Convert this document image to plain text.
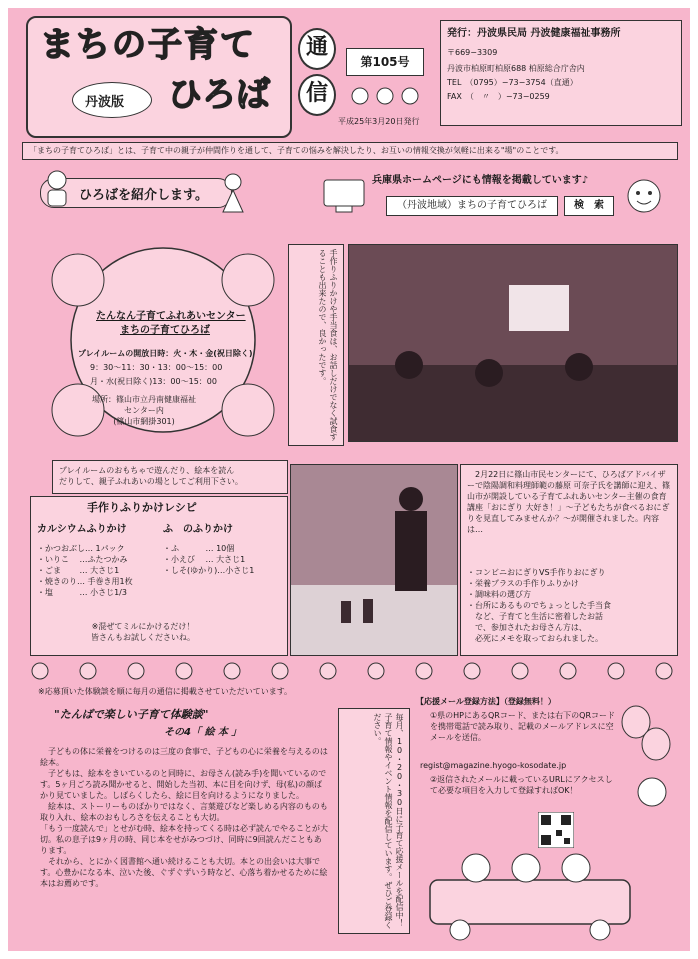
まちの子育て
丹波版 ひろば
通
信
第105号
平成25年3月20日発行
発行：丹波県民局 丹波健康福祉事務所
〒669−3309
丹波市柏原町柏原688 柏原総合庁舎内
TEL　（0795）−73−3754（直通）
FAX　（　〃　）−73−0259
「まちの子育てひろば」とは、子育て中の親子が仲間作りを通して、子育ての悩みを解決したり、お互いの情報交換が気軽に出来る"場"のことです。
ひろばを紹介します。
兵庫県ホームページにも情報を掲載しています♪
（丹波地域）まちの子育てひろば	検　索
たんなん子育てふれあいセンター
まちの子育てひろば
プレイルームの開放日時：火・木・金(祝日除く)
9：30〜11：30・13：00〜15：00
月・水(祝日除く)13：00〜15：00
場所：篠山市立丹南健康福祉
センター内
(篠山市網掛301)	手作りふりかけや手当食は、お話しだけでなく試食することも出来たので、良かったです。
プレイルームのおもちゃで遊んだり、絵本を読ん
だりして、親子ふれあいの場としてご利用下さい。
手作りふりかけレシピ
カルシウムふりかけ	ふ　のふりかけ
・かつおぶし… 1パック
・いりこ　 …ふたつかみ
・ごま　　 … 大さじ1
・焼きのり… 手巻き用1枚
・塩　　　 … 小さじ1/3
・ふ　　　 … 10個
・小えび　 … 大さじ1
・しそ(ゆかり)…小さじ1
※混ぜてミルにかけるだけ！
皆さんもお試しくださいね。
　2月22日に篠山市民センターにて、ひろばアドバイザーで陰陽調和料理師範の藤原 可奈子氏を講師に迎え、篠山市が開設している子育てふれあいセンター主催の食育講座「おにぎり 大好き！」〜子どもたちが食べるおにぎりを見直してみませんか？〜が開催されました。内容は…
・コンビニおにぎりVS手作りおにぎり
・栄養プラスの手作りふりかけ
・調味料の選び方
・台所にあるものでちょっとした手当食
　など、子育てと生活に密着したお話
　で、参加されたお母さん方は、
　必死にメモを取っておられました。
※応募頂いた体験談を順に毎月の通信に掲載させていただいています。
"たんばで楽しい子育て体験談"
その4「 絵 本 」
　子どもの体に栄養をつけるのは三度の食事で、子どもの心に栄養を与えるのは絵本。
　子どもは、絵本をきいているのと同時に、お母さん(読み手)を聞いているのです。5ヶ月ごろ読み聞かせると、開始した当初、本に目を向けず、母(私)の顔ばかり見ていました。しばらくしたら、絵に目を向けるようになりました。
　絵本は、ストーリーものばかりではなく、言葉遊びなど楽しめる内容のものも取り入れ、絵本のおもしろさを伝えることも大切。
「もう一度読んで」とせがむ時、絵本を持ってくる時は必ず読んでやることが大切。私の息子は9ヶ月の時、同じ本をせがみつづけ、同時に9回読んだこともあります。
　それから、とにかく図書館へ通い続けることも大切。本との出会いは大事です。心豊かになる本、泣いた後、ぐずぐずいう時など、心落ち着かせるために絵本はお薦めです。	毎月、10・20・30日に子育て応援メールを配信中！子育て情報やイベント情報を配信しています。ぜひご登録ください。
【応援メール登録方法】（登録無料！）
①県のHPにあるQRコード、または右下のQRコードを携帯電話で読み取り、記載のメールアドレスに空メールを送信。
regist@magazine.hyogo-kosodate.jp
②返信されたメールに載っているURLにアクセスして必要な項目を入力して登録すればOK！
